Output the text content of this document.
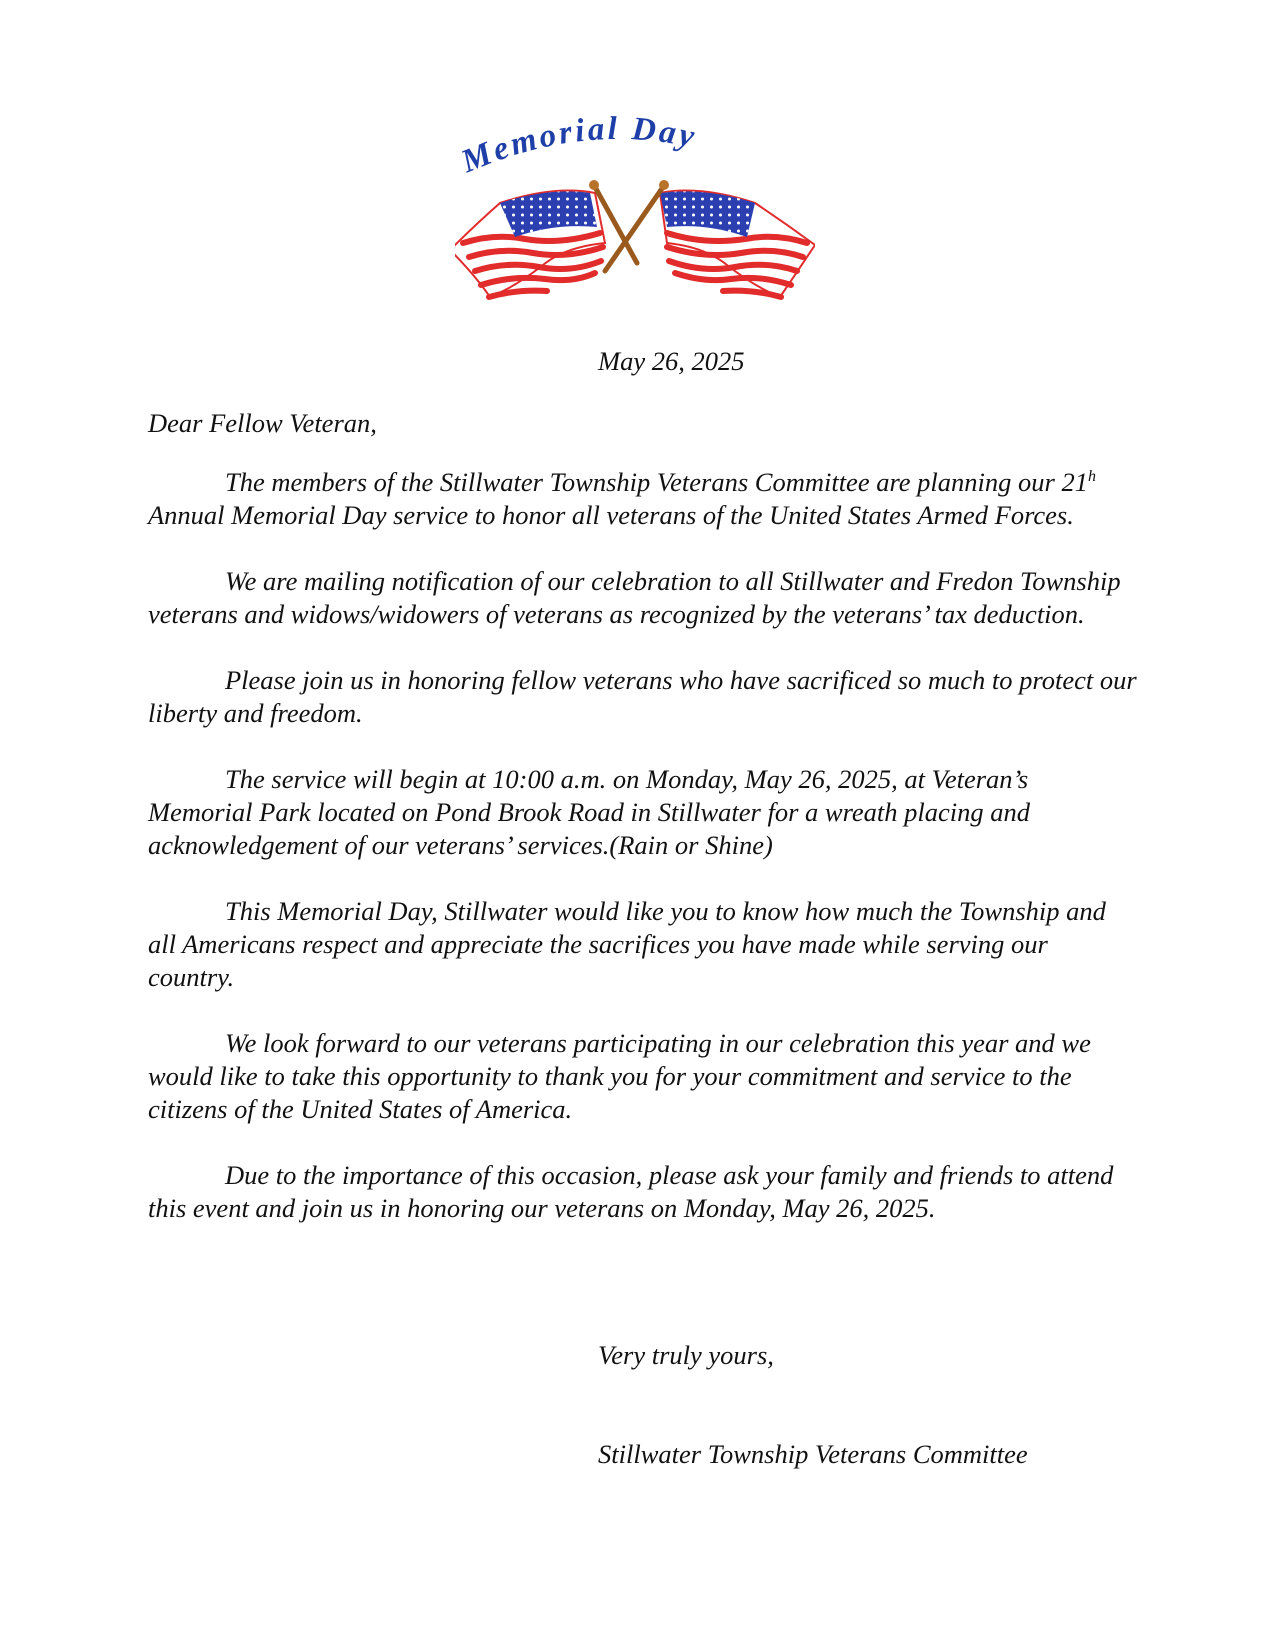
Memorial Day

May 26, 2025

Dear Fellow Veteran,

The members of the Stillwater Township Veterans Committee are planning our 21$^h$ Annual Memorial Day service to honor all veterans of the United States Armed Forces.

We are mailing notification of our celebration to all Stillwater and Fredon Township veterans and widows/widowers of veterans as recognized by the veterans’ tax deduction.

Please join us in honoring fellow veterans who have sacrificed so much to protect our liberty and freedom.

The service will begin at 10:00 a.m. on Monday, May 26, 2025, at Veteran’s Memorial Park located on Pond Brook Road in Stillwater for a wreath placing and acknowledgement of our veterans’ services.(Rain or Shine)

This Memorial Day, Stillwater would like you to know how much the Township and all Americans respect and appreciate the sacrifices you have made while serving our country.

We look forward to our veterans participating in our celebration this year and we would like to take this opportunity to thank you for your commitment and service to the citizens of the United States of America.

Due to the importance of this occasion, please ask your family and friends to attend this event and join us in honoring our veterans on Monday, May 26, 2025.

Very truly yours,

Stillwater Township Veterans Committee
